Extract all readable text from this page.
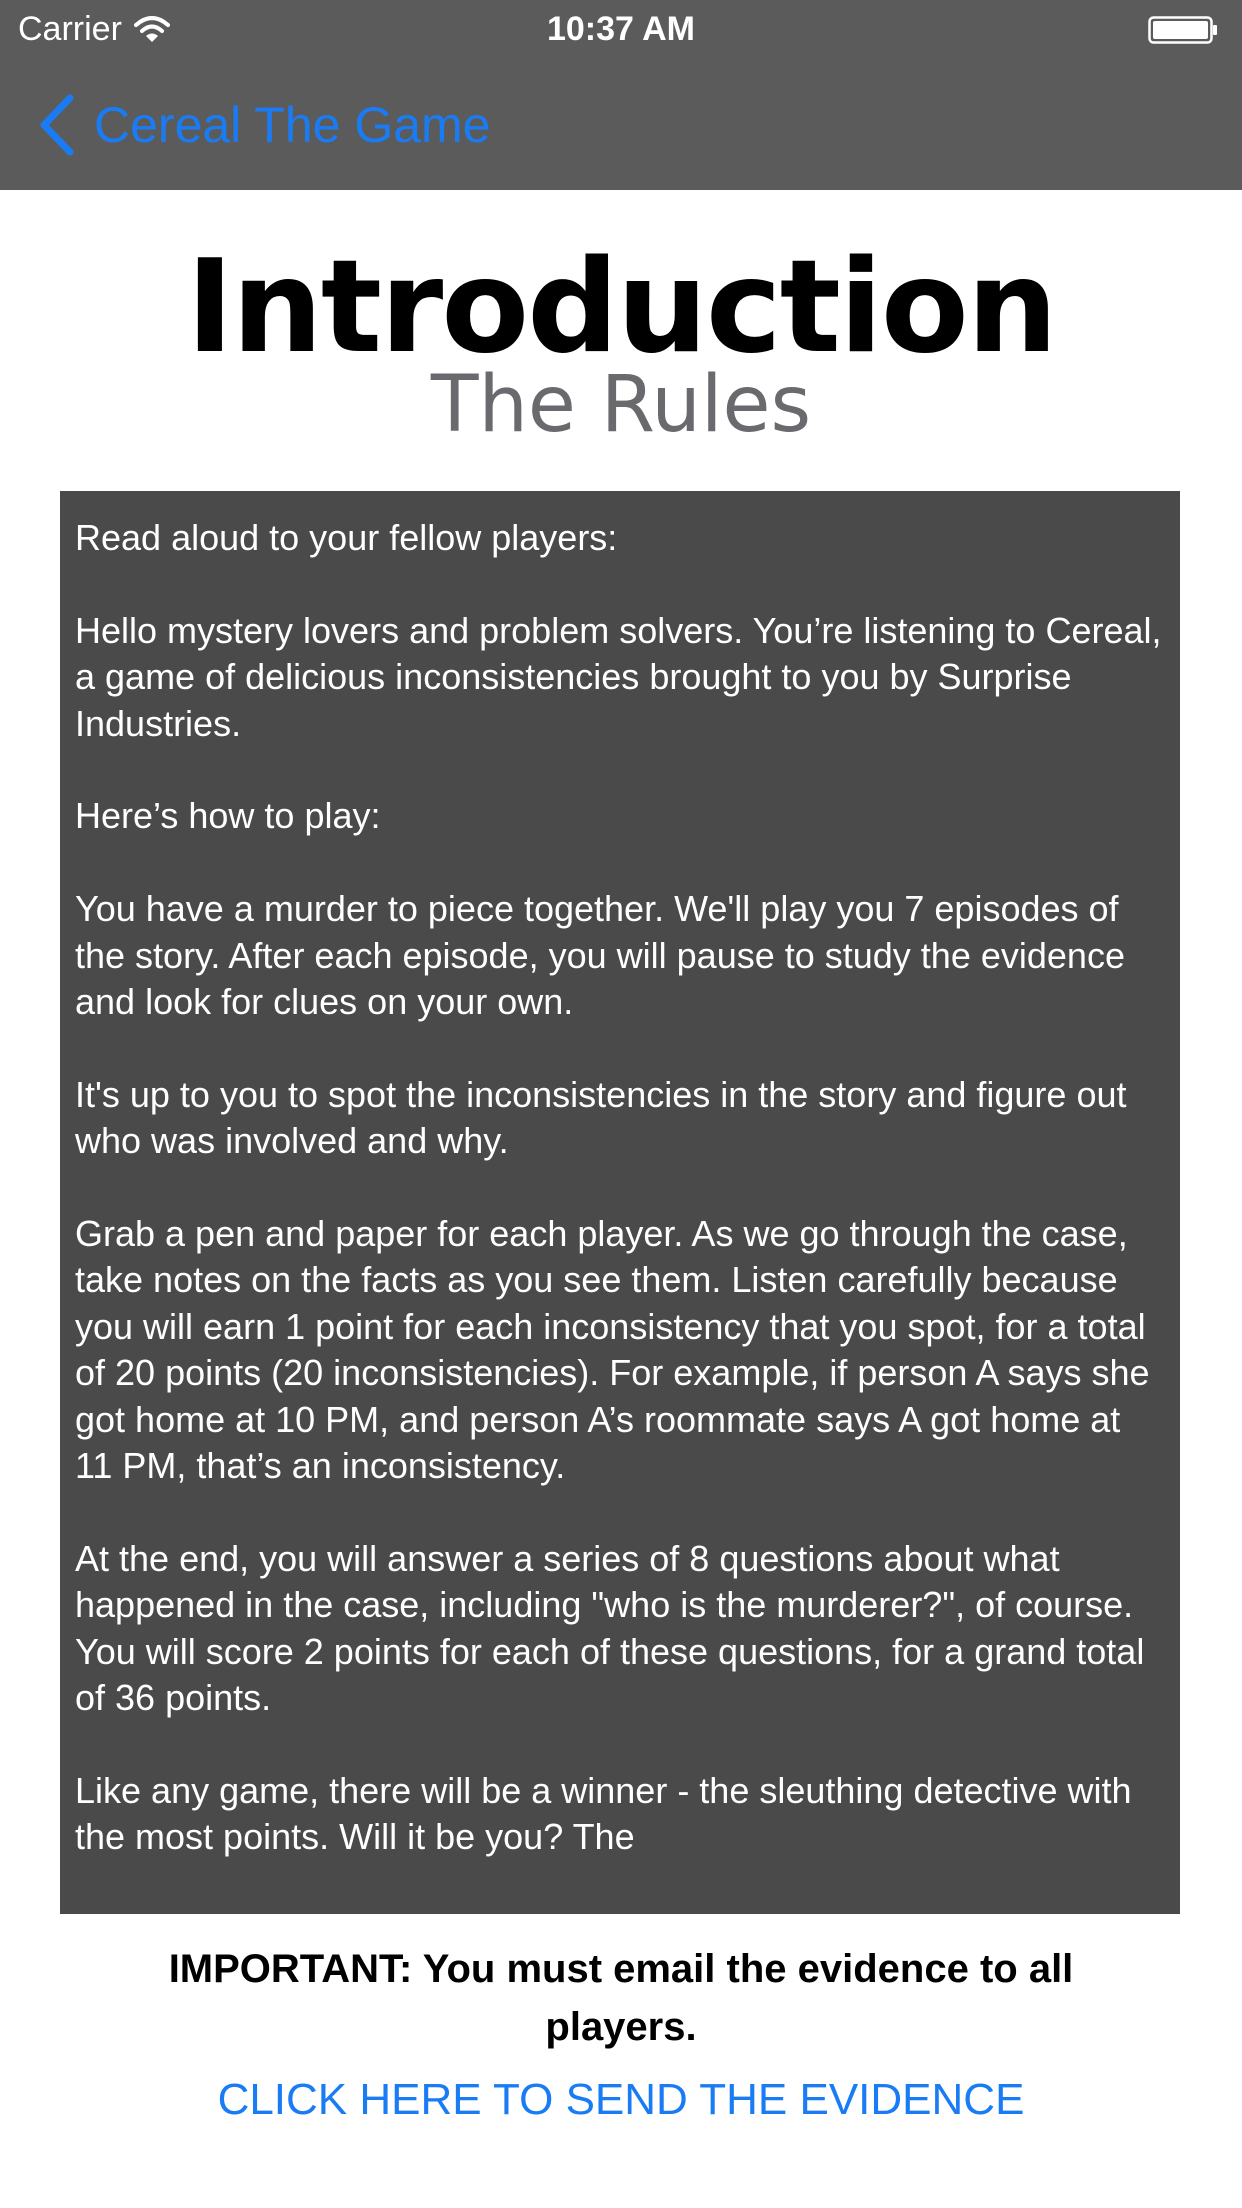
Carrier	10:37 AM
Cereal The Game
Introduction
The Rules

Read aloud to your fellow players:

Hello mystery lovers and problem solvers. You’re listening to Cereal, a game of delicious inconsistencies brought to you by Surprise Industries.

Here’s how to play:

You have a murder to piece together. We'll play you 7 episodes of the story. After each episode, you will pause to study the evidence and look for clues on your own.

It's up to you to spot the inconsistencies in the story and figure out who was involved and why.

Grab a pen and paper for each player. As we go through the case, take notes on the facts as you see them. Listen carefully because you will earn 1 point for each inconsistency that you spot, for a total of 20 points (20 inconsistencies). For example, if person A says she got home at 10 PM, and person A’s roommate says A got home at 11 PM, that’s an inconsistency.

At the end, you will answer a series of 8 questions about what happened in the case, including "who is the murderer?", of course. You will score 2 points for each of these questions, for a grand total of 36 points.

Like any game, there will be a winner - the sleuthing detective with the most points. Will it be you? The

IMPORTANT: You must email the evidence to all players.
CLICK HERE TO SEND THE EVIDENCE
